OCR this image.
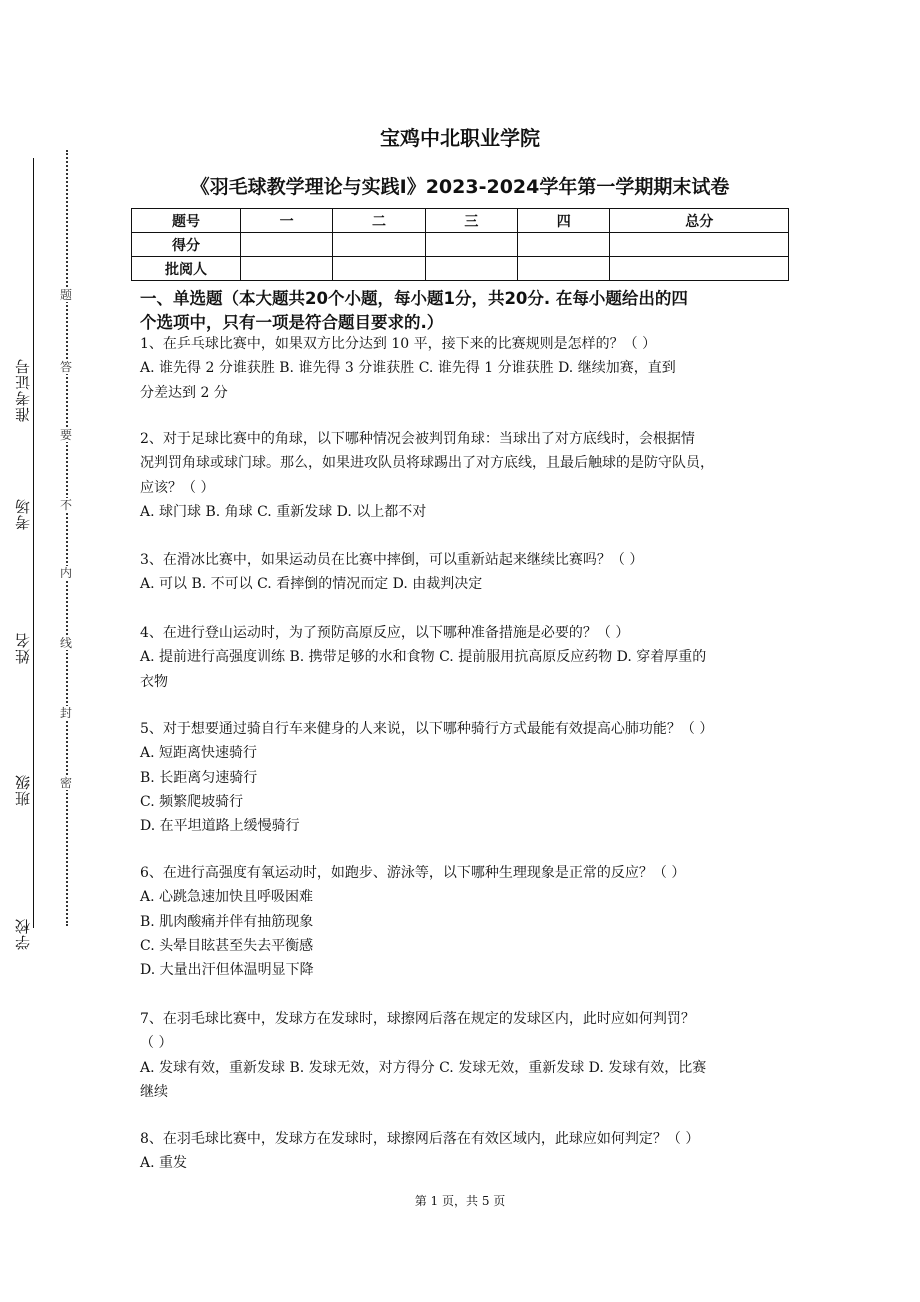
准考证号
考场
姓名
班级
学校
题
答
要
不
内
线
封
密
宝鸡中北职业学院
《羽毛球教学理论与实践Ⅰ》2023-2024学年第一学期期末试卷
题号	一	二	三	四	总分
得分					
批阅人					
一、单选题（本大题共20个小题，每小题1分，共20分. 在每小题给出的四
个选项中，只有一项是符合题目要求的.）

1、在乒乓球比赛中，如果双方比分达到 10 平，接下来的比赛规则是怎样的？（ ）

A. 谁先得 2 分谁获胜 B. 谁先得 3 分谁获胜 C. 谁先得 1 分谁获胜 D. 继续加赛，直到

分差达到 2 分

2、对于足球比赛中的角球，以下哪种情况会被判罚角球：当球出了对方底线时，会根据情

况判罚角球或球门球。那么，如果进攻队员将球踢出了对方底线，且最后触球的是防守队员，

应该？（ ）

A. 球门球 B. 角球 C. 重新发球 D. 以上都不对

3、在滑冰比赛中，如果运动员在比赛中摔倒，可以重新站起来继续比赛吗？（ ）

A. 可以 B. 不可以 C. 看摔倒的情况而定 D. 由裁判决定

4、在进行登山运动时，为了预防高原反应，以下哪种准备措施是必要的？（ ）

A. 提前进行高强度训练 B. 携带足够的水和食物 C. 提前服用抗高原反应药物 D. 穿着厚重的

衣物

5、对于想要通过骑自行车来健身的人来说，以下哪种骑行方式最能有效提高心肺功能？（ ）

A. 短距离快速骑行

B. 长距离匀速骑行

C. 频繁爬坡骑行

D. 在平坦道路上缓慢骑行

6、在进行高强度有氧运动时，如跑步、游泳等，以下哪种生理现象是正常的反应？（ ）

A. 心跳急速加快且呼吸困难

B. 肌肉酸痛并伴有抽筋现象

C. 头晕目眩甚至失去平衡感

D. 大量出汗但体温明显下降

7、在羽毛球比赛中，发球方在发球时，球擦网后落在规定的发球区内，此时应如何判罚？

（ ）

A. 发球有效，重新发球 B. 发球无效，对方得分 C. 发球无效，重新发球 D. 发球有效，比赛

继续

8、在羽毛球比赛中，发球方在发球时，球擦网后落在有效区域内，此球应如何判定？（ ）

A. 重发

第 1 页，共 5 页
